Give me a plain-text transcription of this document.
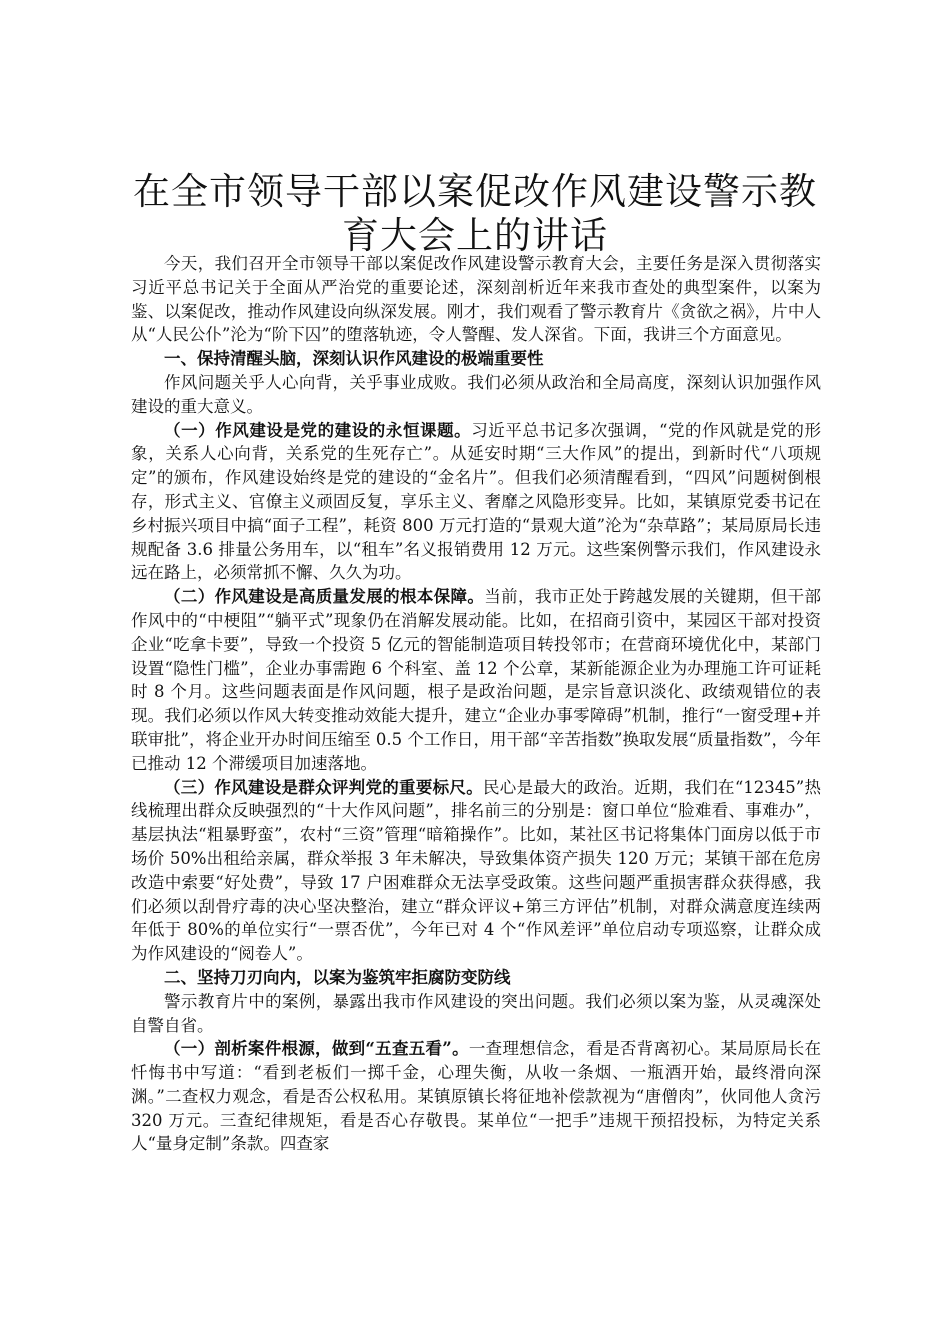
在全市领导干部以案促改作风建设警示教育大会上的讲话

今天，我们召开全市领导干部以案促改作风建设警示教育大会，主要任务是深入贯彻落实习近平总书记关于全面从严治党的重要论述，深刻剖析近年来我市查处的典型案件，以案为鉴、以案促改，推动作风建设向纵深发展。刚才，我们观看了警示教育片《贪欲之祸》，片中人从“人民公仆”沦为“阶下囚”的堕落轨迹，令人警醒、发人深省。下面，我讲三个方面意见。

一、保持清醒头脑，深刻认识作风建设的极端重要性

作风问题关乎人心向背，关乎事业成败。我们必须从政治和全局高度，深刻认识加强作风建设的重大意义。

（一）作风建设是党的建设的永恒课题。习近平总书记多次强调，“党的作风就是党的形象，关系人心向背，关系党的生死存亡”。从延安时期“三大作风”的提出，到新时代“八项规定”的颁布，作风建设始终是党的建设的“金名片”。但我们必须清醒看到，“四风”问题树倒根存，形式主义、官僚主义顽固反复，享乐主义、奢靡之风隐形变异。比如，某镇原党委书记在乡村振兴项目中搞“面子工程”，耗资 800 万元打造的“景观大道”沦为“杂草路”；某局原局长违规配备 3.6 排量公务用车，以“租车”名义报销费用 12 万元。这些案例警示我们，作风建设永远在路上，必须常抓不懈、久久为功。

（二）作风建设是高质量发展的根本保障。当前，我市正处于跨越发展的关键期，但干部作风中的“中梗阻”“躺平式”现象仍在消解发展动能。比如，在招商引资中，某园区干部对投资企业“吃拿卡要”，导致一个投资 5 亿元的智能制造项目转投邻市；在营商环境优化中，某部门设置“隐性门槛”，企业办事需跑 6 个科室、盖 12 个公章，某新能源企业为办理施工许可证耗时 8 个月。这些问题表面是作风问题，根子是政治问题，是宗旨意识淡化、政绩观错位的表现。我们必须以作风大转变推动效能大提升，建立“企业办事零障碍”机制，推行“一窗受理+并联审批”，将企业开办时间压缩至 0.5 个工作日，用干部“辛苦指数”换取发展“质量指数”，今年已推动 12 个滞缓项目加速落地。

（三）作风建设是群众评判党的重要标尺。民心是最大的政治。近期，我们在“12345”热线梳理出群众反映强烈的“十大作风问题”，排名前三的分别是：窗口单位“脸难看、事难办”，基层执法“粗暴野蛮”，农村“三资”管理“暗箱操作”。比如，某社区书记将集体门面房以低于市场价 50%出租给亲属，群众举报 3 年未解决，导致集体资产损失 120 万元；某镇干部在危房改造中索要“好处费”，导致 17 户困难群众无法享受政策。这些问题严重损害群众获得感，我们必须以刮骨疗毒的决心坚决整治，建立“群众评议+第三方评估”机制，对群众满意度连续两年低于 80%的单位实行“一票否优”，今年已对 4 个“作风差评”单位启动专项巡察，让群众成为作风建设的“阅卷人”。

二、坚持刀刃向内，以案为鉴筑牢拒腐防变防线

警示教育片中的案例，暴露出我市作风建设的突出问题。我们必须以案为鉴，从灵魂深处自警自省。

（一）剖析案件根源，做到“五查五看”。一查理想信念，看是否背离初心。某局原局长在忏悔书中写道：“看到老板们一掷千金，心理失衡，从收一条烟、一瓶酒开始，最终滑向深渊。”二查权力观念，看是否公权私用。某镇原镇长将征地补偿款视为“唐僧肉”，伙同他人贪污 320 万元。三查纪律规矩，看是否心存敬畏。某单位“一把手”违规干预招投标，为特定关系人“量身定制”条款。四查家
